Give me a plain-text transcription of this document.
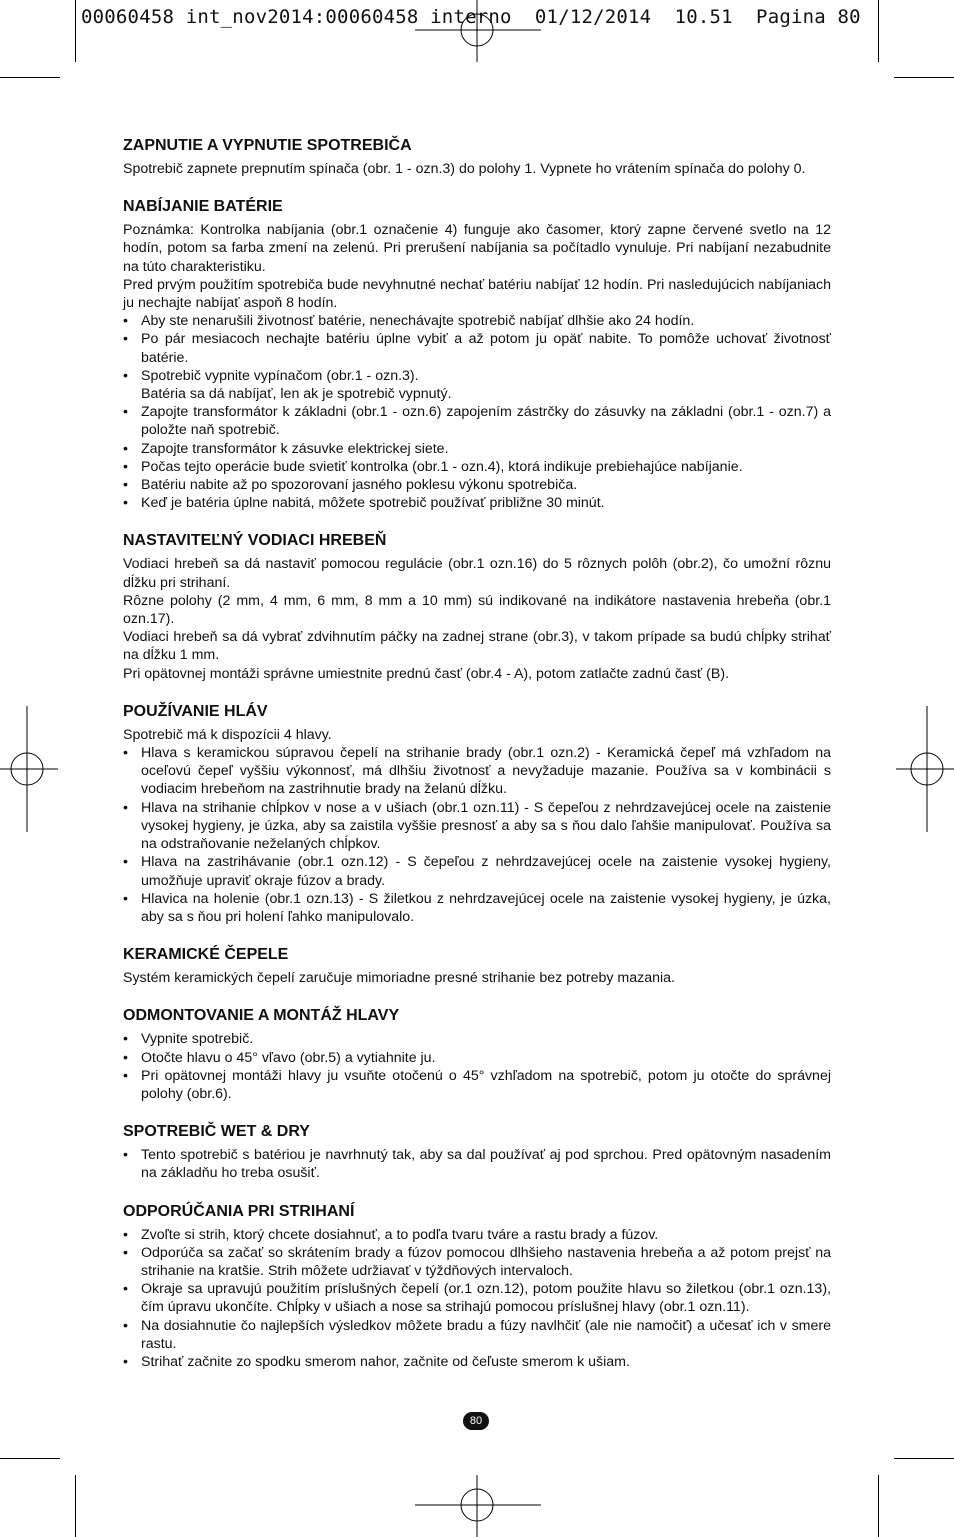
00060458 int_nov2014:00060458 interno  01/12/2014  10.51  Pagina 80
ZAPNUTIE A VYPNUTIE SPOTREBIČA

Spotrebič zapnete prepnutím spínača (obr. 1 - ozn.3) do polohy 1. Vypnete ho vrátením spínača do polohy 0.

NABÍJANIE BATÉRIE

Poznámka: Kontrolka nabíjania (obr.1 označenie 4) funguje ako časomer, ktorý zapne červené svetlo na 12 hodín, potom sa farba zmení na zelenú. Pri prerušení nabíjania sa počítadlo vynuluje. Pri nabíjaní nezabudnite na túto charakteristiku.

Pred prvým použitím spotrebiča bude nevyhnutné nechať batériu nabíjať 12 hodín. Pri nasledujúcich nabíjaniach ju nechajte nabíjať aspoň 8 hodín.

• Aby ste nenarušili životnosť batérie, nenechávajte spotrebič nabíjať dlhšie ako 24 hodín.
• Po pár mesiacoch nechajte batériu úplne vybiť a až potom ju opäť nabite. To pomôže uchovať životnosť batérie.
• Spotrebič vypnite vypínačom (obr.1 - ozn.3).
Batéria sa dá nabíjať, len ak je spotrebič vypnutý.
• Zapojte transformátor k základni (obr.1 - ozn.6) zapojením zástrčky do zásuvky na základni (obr.1 - ozn.7) a položte naň spotrebič.
• Zapojte transformátor k zásuvke elektrickej siete.
• Počas tejto operácie bude svietiť kontrolka (obr.1 - ozn.4), ktorá indikuje prebiehajúce nabíjanie.
• Batériu nabite až po spozorovaní jasného poklesu výkonu spotrebiča.
• Keď je batéria úplne nabitá, môžete spotrebič používať približne 30 minút.
NASTAVITEĽNÝ VODIACI HREBEŇ

Vodiaci hrebeň sa dá nastaviť pomocou regulácie (obr.1 ozn.16) do 5 rôznych polôh (obr.2), čo umožní rôznu dĺžku pri strihaní.

Rôzne polohy (2 mm, 4 mm, 6 mm, 8 mm a 10 mm) sú indikované na indikátore nastavenia hrebeňa (obr.1 ozn.17).

Vodiaci hrebeň sa dá vybrať zdvihnutím páčky na zadnej strane (obr.3), v takom prípade sa budú chĺpky strihať na dĺžku 1 mm.

Pri opätovnej montáži správne umiestnite prednú časť (obr.4 - A), potom zatlačte zadnú časť (B).

POUŽÍVANIE HLÁV

Spotrebič má k dispozícii 4 hlavy.

• Hlava s keramickou súpravou čepelí na strihanie brady (obr.1 ozn.2) - Keramická čepeľ má vzhľadom na oceľovú čepeľ vyššiu výkonnosť, má dlhšiu životnosť a nevyžaduje mazanie. Používa sa v kombinácii s vodiacim hrebeňom na zastrihnutie brady na želanú dĺžku.
• Hlava na strihanie chĺpkov v nose a v ušiach (obr.1 ozn.11) - S čepeľou z nehrdzavejúcej ocele na zaistenie vysokej hygieny, je úzka, aby sa zaistila vyššie presnosť a aby sa s ňou dalo ľahšie manipulovať. Používa sa na odstraňovanie neželaných chĺpkov.
• Hlava na zastrihávanie (obr.1 ozn.12) - S čepeľou z nehrdzavejúcej ocele na zaistenie vysokej hygieny, umožňuje upraviť okraje fúzov a brady.
• Hlavica na holenie (obr.1 ozn.13) - S žiletkou z nehrdzavejúcej ocele na zaistenie vysokej hygieny, je úzka, aby sa s ňou pri holení ľahko manipulovalo.
KERAMICKÉ ČEPELE

Systém keramických čepelí zaručuje mimoriadne presné strihanie bez potreby mazania.

ODMONTOVANIE A MONTÁŽ HLAVY
• Vypnite spotrebič.
• Otočte hlavu o 45° vľavo (obr.5) a vytiahnite ju.
• Pri opätovnej montáži hlavy ju vsuňte otočenú o 45° vzhľadom na spotrebič, potom ju otočte do správnej polohy (obr.6).
SPOTREBIČ WET & DRY
• Tento spotrebič s batériou je navrhnutý tak, aby sa dal používať aj pod sprchou. Pred opätovným nasadením na základňu ho treba osušiť.
ODPORÚČANIA PRI STRIHANÍ
• Zvoľte si strih, ktorý chcete dosiahnuť, a to podľa tvaru tváre a rastu brady a fúzov.
• Odporúča sa začať so skrátením brady a fúzov pomocou dlhšieho nastavenia hrebeňa a až potom prejsť na strihanie na kratšie. Strih môžete udržiavať v týždňových intervaloch.
• Okraje sa upravujú použitím príslušných čepelí (or.1 ozn.12), potom použite hlavu so žiletkou (obr.1 ozn.13), čím úpravu ukončíte. Chĺpky v ušiach a nose sa strihajú pomocou príslušnej hlavy (obr.1 ozn.11).
• Na dosiahnutie čo najlepších výsledkov môžete bradu a fúzy navlhčiť (ale nie namočiť) a učesať ich v smere rastu.
• Strihať začnite zo spodku smerom nahor, začnite od čeľuste smerom k ušiam.
80
